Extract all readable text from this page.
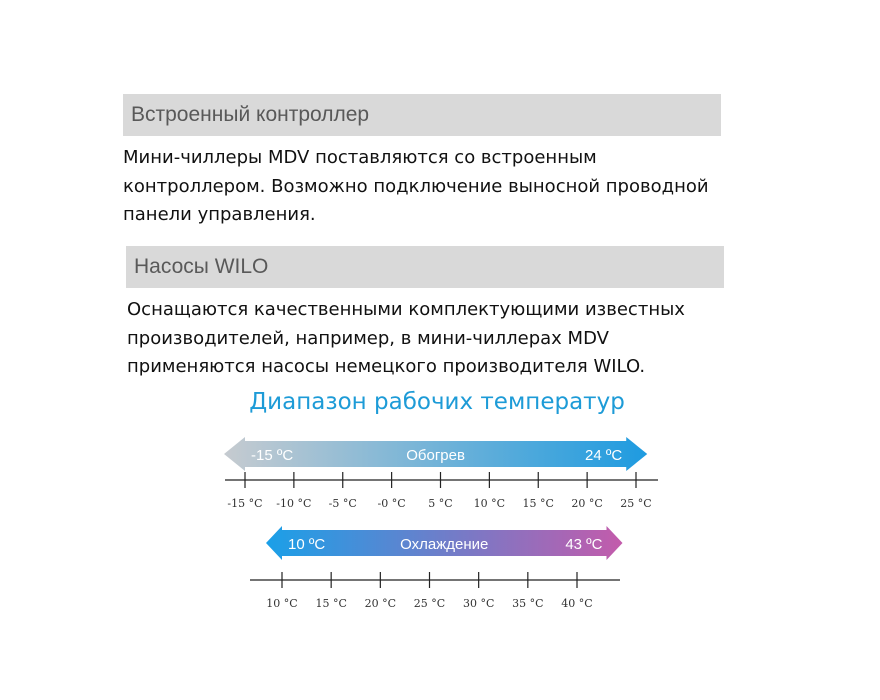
Встроенный контроллер
Мини-чиллеры MDV поставляются со встроенным
контроллером. Возможно подключение выносной проводной
панели управления.
Насосы WILO
Оснащаются качественными комплектующими известных
производителей, например, в мини-чиллерах MDV
применяются насосы немецкого производителя WILO.
Диапазон рабочих температур
-15 ºC	Обогрев	24 ºC
-15 °C -10 °C -5 °C -0 °C 5 °C 10 °C 15 °C 20 °C 25 °C
10 ºC	Охлаждение	43 ºC
10 °C 15 °C 20 °C 25 °C 30 °C 35 °C 40 °C
